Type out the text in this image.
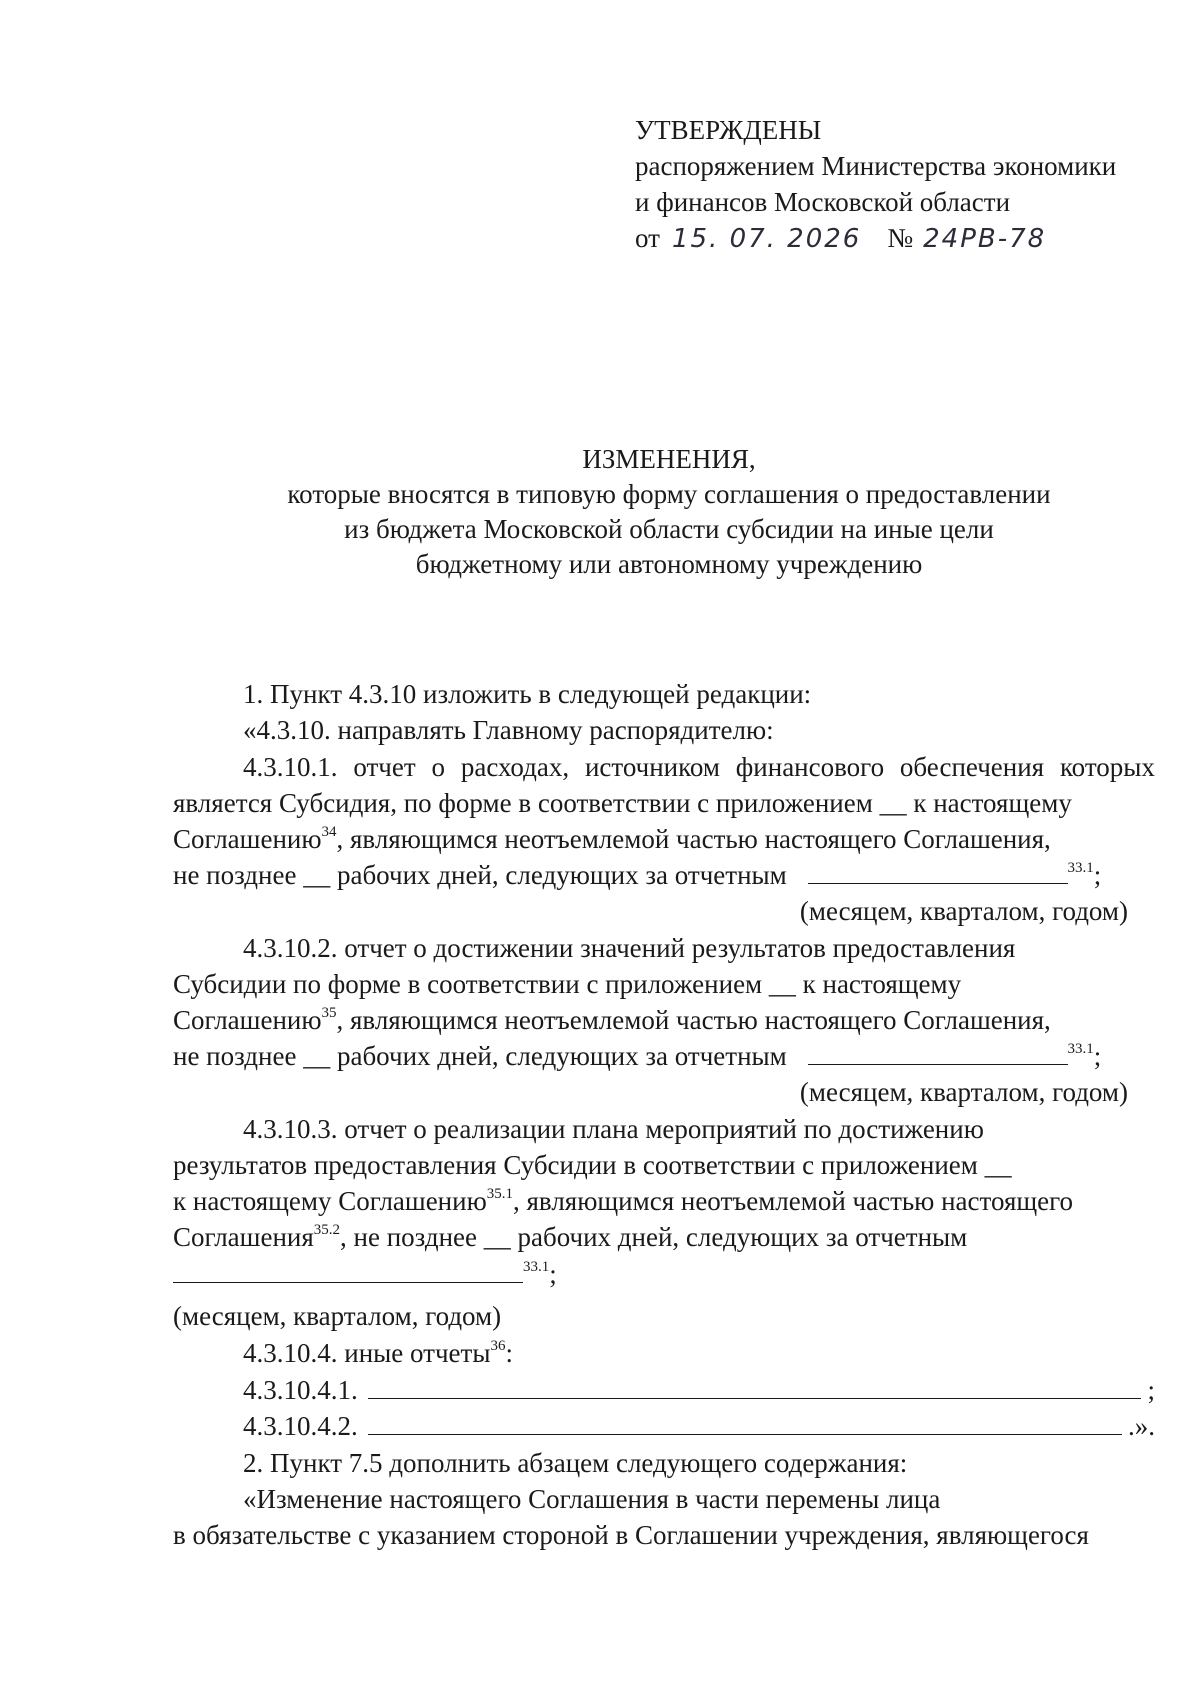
УТВЕРЖДЕНЫ
распоряжением Министерства экономики
и финансов Московской области
от 15. 07. 2026 № 24РВ-78
ИЗМЕНЕНИЯ,
которые вносятся в типовую форму соглашения о предоставлении
из бюджета Московской области субсидии на иные цели
бюджетному или автономному учреждению
1. Пункт 4.3.10 изложить в следующей редакции:
«4.3.10. направлять Главному распорядителю:
4.3.10.1. отчет о расходах, источником финансового обеспечения которых
является Субсидия, по форме в соответствии с приложением __ к настоящему
Соглашению$^{34}$, являющимся неотъемлемой частью настоящего Соглашения,
не позднее __ рабочих дней, следующих за отчетным	$^{33.1}$;
(месяцем, кварталом, годом)
4.3.10.2. отчет о достижении значений результатов предоставления
Субсидии по форме в соответствии с приложением __ к настоящему
Соглашению$^{35}$, являющимся неотъемлемой частью настоящего Соглашения,
не позднее __ рабочих дней, следующих за отчетным	$^{33.1}$;
(месяцем, кварталом, годом)
4.3.10.3. отчет о реализации плана мероприятий по достижению
результатов предоставления Субсидии в соответствии с приложением __
к настоящему Соглашению$^{35.1}$, являющимся неотъемлемой частью настоящего
Соглашения$^{35.2}$, не позднее __ рабочих дней, следующих за отчетным
$^{33.1}$;
(месяцем, кварталом, годом)
4.3.10.4. иные отчеты$^{36}$:
4.3.10.4.1.	;
4.3.10.4.2.	.».
2. Пункт 7.5 дополнить абзацем следующего содержания:
«Изменение настоящего Соглашения в части перемены лица
в обязательстве с указанием стороной в Соглашении учреждения, являющегося
